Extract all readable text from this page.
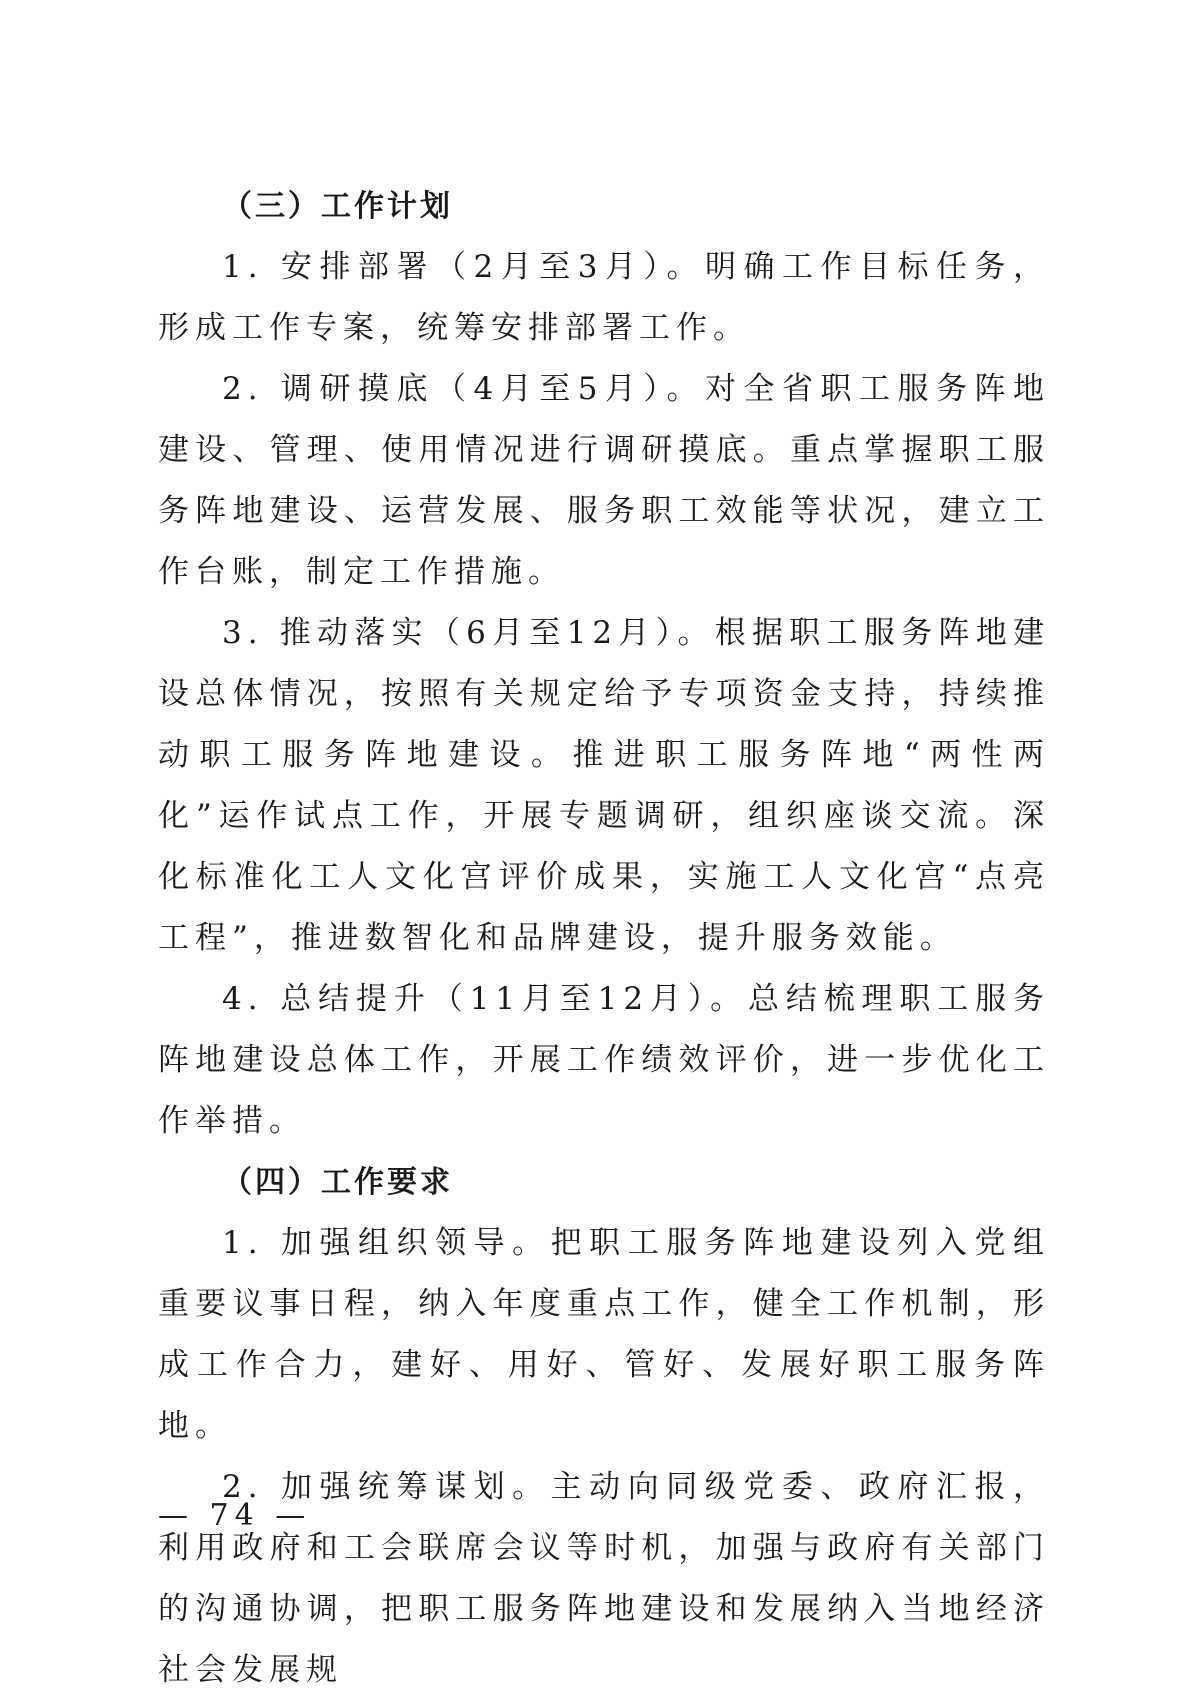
（三）工作计划

1. 安排部署（2月至3月）。明确工作目标任务，形成工作专案，统筹安排部署工作。

2. 调研摸底（4月至5月）。对全省职工服务阵地建设、管理、使用情况进行调研摸底。重点掌握职工服务阵地建设、运营发展、服务职工效能等状况，建立工作台账，制定工作措施。

3. 推动落实（6月至12月）。根据职工服务阵地建设总体情况，按照有关规定给予专项资金支持，持续推动职工服务阵地建设。推进职工服务阵地“两性两化”运作试点工作，开展专题调研，组织座谈交流。深化标准化工人文化宫评价成果，实施工人文化宫“点亮工程”，推进数智化和品牌建设，提升服务效能。

4. 总结提升（11月至12月）。总结梳理职工服务阵地建设总体工作，开展工作绩效评价，进一步优化工作举措。

（四）工作要求

1. 加强组织领导。把职工服务阵地建设列入党组重要议事日程，纳入年度重点工作，健全工作机制，形成工作合力，建好、用好、管好、发展好职工服务阵地。

2. 加强统筹谋划。主动向同级党委、政府汇报，利用政府和工会联席会议等时机，加强与政府有关部门的沟通协调，把职工服务阵地建设和发展纳入当地经济社会发展规

— 74 —
